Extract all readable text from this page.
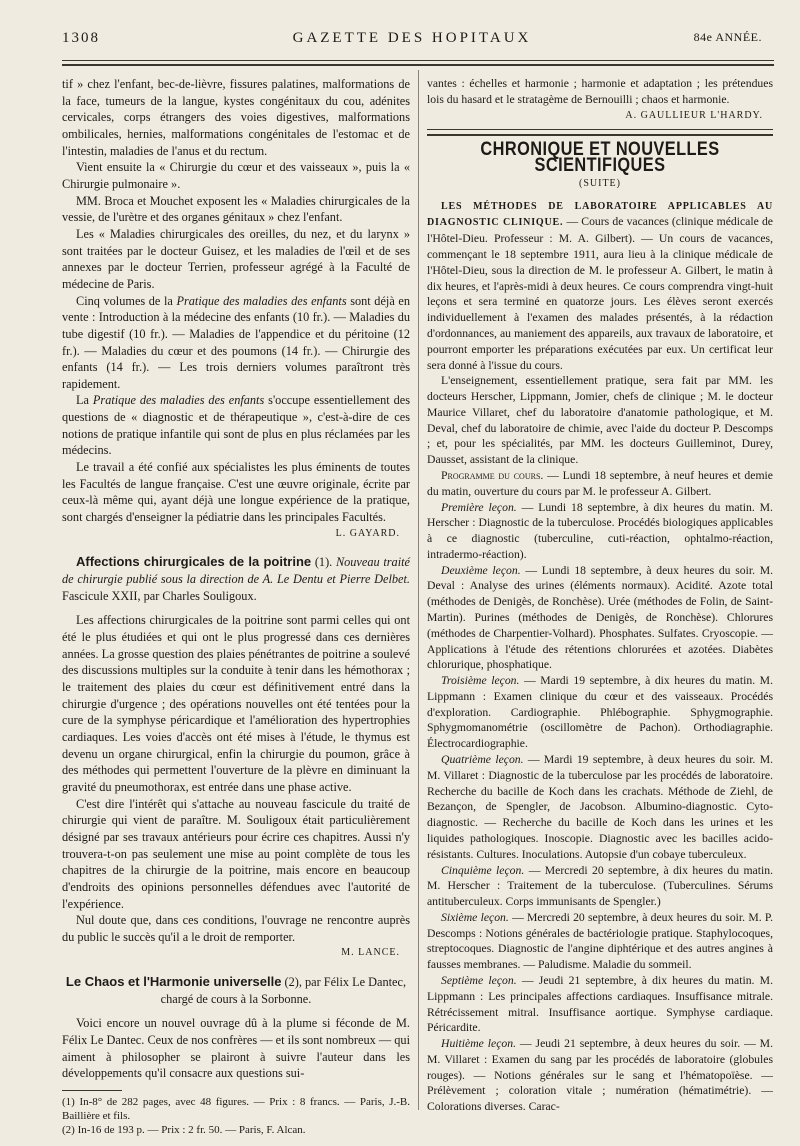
1308	GAZETTE DES HOPITAUX	84e ANNÉE.

tif » chez l'enfant, bec-de-lièvre, fissures palatines, malformations de la face, tumeurs de la langue, kystes congénitaux du cou, adénites cervicales, corps étrangers des voies digestives, malformations ombilicales, hernies, malformations congénitales de l'estomac et de l'intestin, maladies de l'anus et du rectum.

Vient ensuite la « Chirurgie du cœur et des vaisseaux », puis la « Chirurgie pulmonaire ».

MM. Broca et Mouchet exposent les « Maladies chirurgicales de la vessie, de l'urètre et des organes génitaux » chez l'enfant.

Les « Maladies chirurgicales des oreilles, du nez, et du larynx » sont traitées par le docteur Guisez, et les maladies de l'œil et de ses annexes par le docteur Terrien, professeur agrégé à la Faculté de médecine de Paris.

Cinq volumes de la Pratique des maladies des enfants sont déjà en vente : Introduction à la médecine des enfants (10 fr.). — Maladies du tube digestif (10 fr.). — Maladies de l'appendice et du péritoine (12 fr.). — Maladies du cœur et des poumons (14 fr.). — Chirurgie des enfants (14 fr.). — Les trois derniers volumes paraîtront très rapidement.

La Pratique des maladies des enfants s'occupe essentiellement des questions de « diagnostic et de thérapeutique », c'est-à-dire de ces notions de pratique infantile qui sont de plus en plus réclamées par les médecins.

Le travail a été confié aux spécialistes les plus éminents de toutes les Facultés de langue française. C'est une œuvre originale, écrite par ceux-là même qui, ayant déjà une longue expérience de la pratique, sont chargés d'enseigner la pédiatrie dans les principales Facultés.

L. GAYARD.

Affections chirurgicales de la poitrine (1). Nouveau traité de chirurgie publié sous la direction de A. Le Dentu et Pierre Delbet. Fascicule XXII, par Charles Souligoux.

Les affections chirurgicales de la poitrine sont parmi celles qui ont été le plus étudiées et qui ont le plus progressé dans ces dernières années. La grosse question des plaies pénétrantes de poitrine a soulevé des discussions multiples sur la conduite à tenir dans les hémothorax ; le traitement des plaies du cœur est définitivement entré dans la chirurgie d'urgence ; des opérations nouvelles ont été tentées pour la cure de la symphyse péricardique et l'amélioration des hypertrophies cardiaques. Les voies d'accès ont été mises à l'étude, le thymus est devenu un organe chirurgical, enfin la chirurgie du poumon, grâce à des méthodes qui permettent l'ouverture de la plèvre en diminuant la gravité du pneumothorax, est entrée dans une phase active.

C'est dire l'intérêt qui s'attache au nouveau fascicule du traité de chirurgie qui vient de paraître. M. Souligoux était particulièrement désigné par ses travaux antérieurs pour écrire ces chapitres. Aussi n'y trouvera-t-on pas seulement une mise au point complète de tous les chapitres de la chirurgie de la poitrine, mais encore en beaucoup d'endroits des opinions personnelles défendues avec l'autorité de l'expérience.

Nul doute que, dans ces conditions, l'ouvrage ne rencontre auprès du public le succès qu'il a le droit de remporter.

M. LANCE.

Le Chaos et l'Harmonie universelle (2), par Félix Le Dantec, chargé de cours à la Sorbonne.

Voici encore un nouvel ouvrage dû à la plume si féconde de M. Félix Le Dantec. Ceux de nos confrères — et ils sont nombreux — qui aiment à philosopher se plairont à suivre l'auteur dans les développements qu'il consacre aux questions sui-

(1) In-8° de 282 pages, avec 48 figures. — Prix : 8 francs. — Paris, J.-B. Baillière et fils.

(2) In-16 de 193 p. — Prix : 2 fr. 50. — Paris, F. Alcan.

vantes : échelles et harmonie ; harmonie et adaptation ; les prétendues lois du hasard et le stratagème de Bernouilli ; chaos et harmonie.

A. GAULLIEUR L'HARDY.
CHRONIQUE ET NOUVELLES SCIENTIFIQUES
(SUITE)

LES MÉTHODES DE LABORATOIRE APPLICABLES AU DIAGNOSTIC CLINIQUE. — Cours de vacances (clinique médicale de l'Hôtel-Dieu. Professeur : M. A. Gilbert). — Un cours de vacances, commençant le 18 septembre 1911, aura lieu à la clinique médicale de l'Hôtel-Dieu, sous la direction de M. le professeur A. Gilbert, le matin à dix heures, et l'après-midi à deux heures. Ce cours comprendra vingt-huit leçons et sera terminé en quatorze jours. Les élèves seront exercés individuellement à l'examen des malades présentés, à la rédaction d'ordonnances, au maniement des appareils, aux travaux de laboratoire, et pourront emporter les préparations exécutées par eux. Un certificat leur sera donné à l'issue du cours.

L'enseignement, essentiellement pratique, sera fait par MM. les docteurs Herscher, Lippmann, Jomier, chefs de clinique ; M. le docteur Maurice Villaret, chef du laboratoire d'anatomie pathologique, et M. Deval, chef du laboratoire de chimie, avec l'aide du docteur P. Descomps ; et, pour les spécialités, par MM. les docteurs Guilleminot, Durey, Dausset, assistant de la clinique.

Programme du cours. — Lundi 18 septembre, à neuf heures et demie du matin, ouverture du cours par M. le professeur A. Gilbert.

Première leçon. — Lundi 18 septembre, à dix heures du matin. M. Herscher : Diagnostic de la tuberculose. Procédés biologiques applicables à ce diagnostic (tuberculine, cuti-réaction, ophtalmo-réaction, intradermo-réaction).

Deuxième leçon. — Lundi 18 septembre, à deux heures du soir. M. Deval : Analyse des urines (éléments normaux). Acidité. Azote total (méthodes de Denigès, de Ronchèse). Urée (méthodes de Folin, de Saint-Martin). Purines (méthodes de Denigès, de Ronchèse). Chlorures (méthodes de Charpentier-Volhard). Phosphates. Sulfates. Cryoscopie. — Applications à l'étude des rétentions chlorurées et azotées. Diabètes chlorurique, phosphatique.

Troisième leçon. — Mardi 19 septembre, à dix heures du matin. M. Lippmann : Examen clinique du cœur et des vaisseaux. Procédés d'exploration. Cardiographie. Phlébographie. Sphygmographie. Sphygmomanométrie (oscillomètre de Pachon). Orthodiagraphie. Électrocardiographie.

Quatrième leçon. — Mardi 19 septembre, à deux heures du soir. M. M. Villaret : Diagnostic de la tuberculose par les procédés de laboratoire. Recherche du bacille de Koch dans les crachats. Méthode de Ziehl, de Bezançon, de Spengler, de Jacobson. Albumino-diagnostic. Cyto-diagnostic. — Recherche du bacille de Koch dans les urines et les liquides pathologiques. Inoscopie. Diagnostic avec les bacilles acido-résistants. Cultures. Inoculations. Autopsie d'un cobaye tuberculeux.

Cinquième leçon. — Mercredi 20 septembre, à dix heures du matin. M. Herscher : Traitement de la tuberculose. (Tuberculines. Sérums antituberculeux. Corps immunisants de Spengler.)

Sixième leçon. — Mercredi 20 septembre, à deux heures du soir. M. P. Descomps : Notions générales de bactériologie pratique. Staphylocoques, streptocoques. Diagnostic de l'angine diphtérique et des autres angines à fausses membranes. — Paludisme. Maladie du sommeil.

Septième leçon. — Jeudi 21 septembre, à dix heures du matin. M. Lippmann : Les principales affections cardiaques. Insuffisance mitrale. Rétrécissement mitral. Insuffisance aortique. Symphyse cardiaque. Péricardite.

Huitième leçon. — Jeudi 21 septembre, à deux heures du soir. — M. M. Villaret : Examen du sang par les procédés de laboratoire (globules rouges). — Notions générales sur le sang et l'hématopoïèse. — Prélèvement ; coloration vitale ; numération (hématimétrie). — Colorations diverses. Carac-
